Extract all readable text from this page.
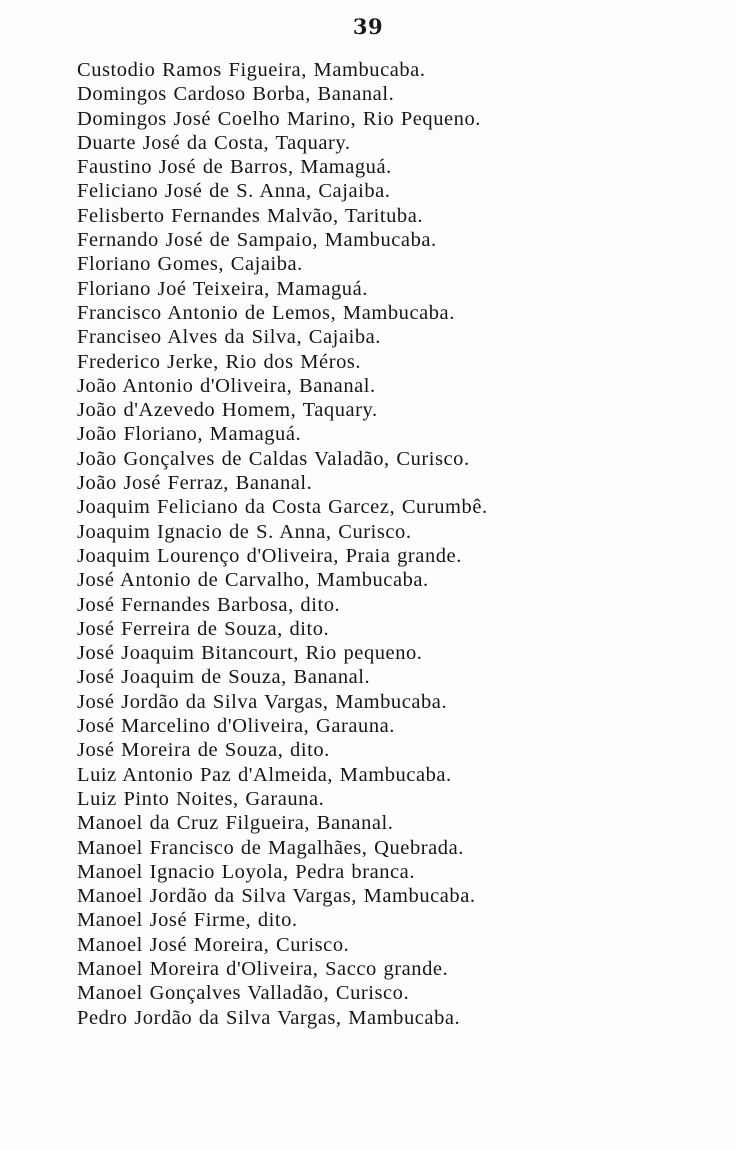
39
Custodio Ramos Figueira, Mambucaba.
Domingos Cardoso Borba, Bananal.
Domingos José Coelho Marino, Rio Pequeno.
Duarte José da Costa, Taquary.
Faustino José de Barros, Mamaguá.
Feliciano José de S. Anna, Cajaiba.
Felisberto Fernandes Malvão, Tarituba.
Fernando José de Sampaio, Mambucaba.
Floriano Gomes, Cajaiba.
Floriano Joé Teixeira, Mamaguá.
Francisco Antonio de Lemos, Mambucaba.
Franciseo Alves da Silva, Cajaiba.
Frederico Jerke, Rio dos Méros.
João Antonio d'Oliveira, Bananal.
João d'Azevedo Homem, Taquary.
João Floriano, Mamaguá.
João Gonçalves de Caldas Valadão, Curisco.
João José Ferraz, Bananal.
Joaquim Feliciano da Costa Garcez, Curumbê.
Joaquim Ignacio de S. Anna, Curisco.
Joaquim Lourenço d'Oliveira, Praia grande.
José Antonio de Carvalho, Mambucaba.
José Fernandes Barbosa, dito.
José Ferreira de Souza, dito.
José Joaquim Bitancourt, Rio pequeno.
José Joaquim de Souza, Bananal.
José Jordão da Silva Vargas, Mambucaba.
José Marcelino d'Oliveira, Garauna.
José Moreira de Souza, dito.
Luiz Antonio Paz d'Almeida, Mambucaba.
Luiz Pinto Noites, Garauna.
Manoel da Cruz Filgueira, Bananal.
Manoel Francisco de Magalhães, Quebrada.
Manoel Ignacio Loyola, Pedra branca.
Manoel Jordão da Silva Vargas, Mambucaba.
Manoel José Firme, dito.
Manoel José Moreira, Curisco.
Manoel Moreira d'Oliveira, Sacco grande.
Manoel Gonçalves Valladão, Curisco.
Pedro Jordão da Silva Vargas, Mambucaba.
